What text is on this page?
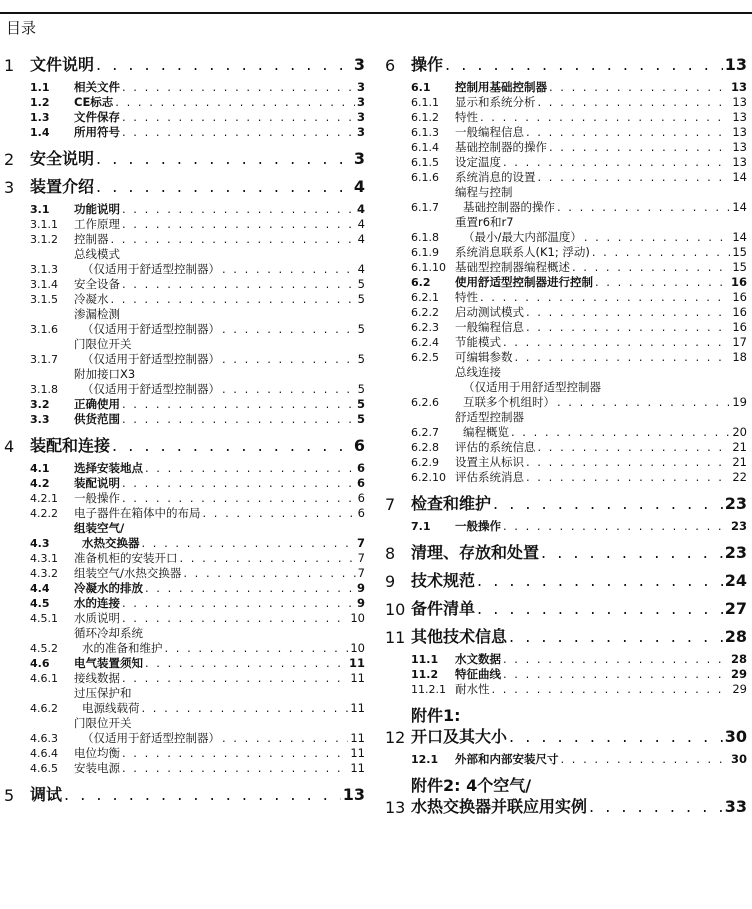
目录
1 文件说明 . . .	3
1.1	相关文件 . . .	3
1.2	CE标志 . . .	3
1.3	文件保存 . . .	3
1.4	所用符号 . . .	3
2 安全说明 . . .	3
3 装置介绍 . . .	4
3.1	功能说明 . . .	4
3.1.1	工作原理 . . .	4
3.1.2	控制器 . . .	4
3.1.3
总线模式
（仅适用于舒适型控制器） . . .	4
3.1.4	安全设备 . . .	5
3.1.5	冷凝水 . . .	5
3.1.6
渗漏检测
（仅适用于舒适型控制器） . . .	5
3.1.7
门限位开关
（仅适用于舒适型控制器） . . .	5
3.1.8
附加接口X3
（仅适用于舒适型控制器） . . .	5
3.2	正确使用 . . .	5
3.3	供货范围 . . .	5
4 装配和连接 . . .	6
4.1	选择安装地点 . . .	6
4.2	装配说明 . . .	6
4.2.1	一般操作 . . .	6
4.2.2	电子器件在箱体中的布局 . . .	6
4.3
组装空气/
水热交换器 . . .	7
4.3.1	准备机柜的安装开口 . . .	7
4.3.2	组装空气/水热交换器 . . .	7
4.4	冷凝水的排放 . . .	9
4.5	水的连接 . . .	9
4.5.1	水质说明 . . .	10
4.5.2
循环冷却系统
水的准备和维护 . . .	10
4.6	电气装置须知 . . .	11
4.6.1	接线数据 . . .	11
4.6.2
过压保护和
电源线载荷 . . .	11
4.6.3
门限位开关
（仅适用于舒适型控制器） . . .	11
4.6.4	电位均衡 . . .	11
4.6.5	安装电源 . . .	11
5 调试 . . .	13
6 操作 . . .	13
6.1	控制用基础控制器 . . .	13
6.1.1	显示和系统分析 . . .	13
6.1.2	特性 . . .	13
6.1.3	一般编程信息 . . .	13
6.1.4	基础控制器的操作 . . .	13
6.1.5	设定温度 . . .	13
6.1.6	系统消息的设置 . . .	14
6.1.7
编程与控制
基础控制器的操作 . . .	14
6.1.8
重置r6和r7
（最小/最大内部温度） . . .	14
6.1.9	系统消息联系人(K1; 浮动) . . .	15
6.1.10 基础型控制器编程概述 . . .	15
6.2	使用舒适型控制器进行控制 . . .	16
6.2.1	特性 . . .	16
6.2.2	启动测试模式 . . .	16
6.2.3	一般编程信息 . . .	16
6.2.4	节能模式 . . .	17
6.2.5	可编辑参数 . . .	18
6.2.6
总线连接
（仅适用于用舒适型控制器
互联多个机组时） . . .	19
6.2.7
舒适型控制器
编程概览 . . .	20
6.2.8	评估的系统信息 . . .	21
6.2.9	设置主从标识 . . .	21
6.2.10 评估系统消息 . . .	22
7 检查和维护 . . .	23
7.1	一般操作 . . .	23
8 清理、存放和处置 . . .	23
9 技术规范 . . .	24
10 备件清单 . . .	27
11 其他技术信息 . . .	28
11.1	水文数据 . . .	28
11.2	特征曲线 . . .	29
11.2.1 耐水性 . . .	29
12
附件1:
开口及其大小 . . .	30
12.1	外部和内部安装尺寸 . . .	30
13
附件2: 4个空气/
水热交换器并联应用实例 . . .	33
